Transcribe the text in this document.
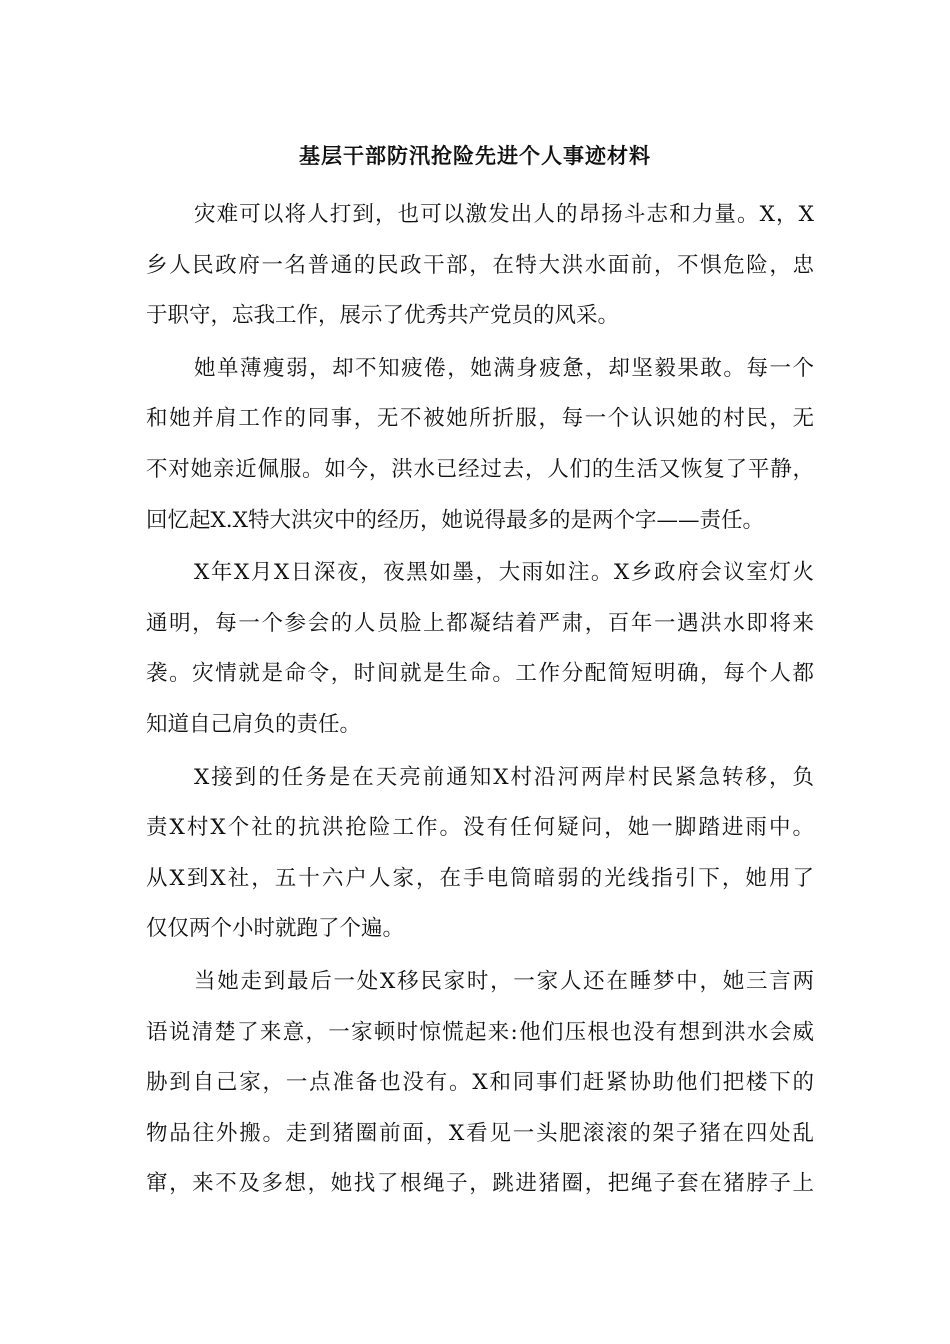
基层干部防汛抢险先进个人事迹材料
灾难可以将人打到，也可以激发出人的昂扬斗志和力量。X，X
乡人民政府一名普通的民政干部，在特大洪水面前，不惧危险，忠
于职守，忘我工作，展示了优秀共产党员的风采。
她单薄瘦弱，却不知疲倦，她满身疲惫，却坚毅果敢。每一个
和她并肩工作的同事，无不被她所折服，每一个认识她的村民，无
不对她亲近佩服。如今，洪水已经过去，人们的生活又恢复了平静，
回忆起X.X特大洪灾中的经历，她说得最多的是两个字——责任。
X年X月X日深夜，夜黑如墨，大雨如注。X乡政府会议室灯火
通明，每一个参会的人员脸上都凝结着严肃，百年一遇洪水即将来
袭。灾情就是命令，时间就是生命。工作分配简短明确，每个人都
知道自己肩负的责任。
X接到的任务是在天亮前通知X村沿河两岸村民紧急转移，负
责X村X个社的抗洪抢险工作。没有任何疑问，她一脚踏进雨中。
从X到X社，五十六户人家，在手电筒暗弱的光线指引下，她用了
仅仅两个小时就跑了个遍。
当她走到最后一处X移民家时，一家人还在睡梦中，她三言两
语说清楚了来意，一家顿时惊慌起来:他们压根也没有想到洪水会威
胁到自己家，一点准备也没有。X和同事们赶紧协助他们把楼下的
物品往外搬。走到猪圈前面，X看见一头肥滚滚的架子猪在四处乱
窜，来不及多想，她找了根绳子，跳进猪圈，把绳子套在猪脖子上
